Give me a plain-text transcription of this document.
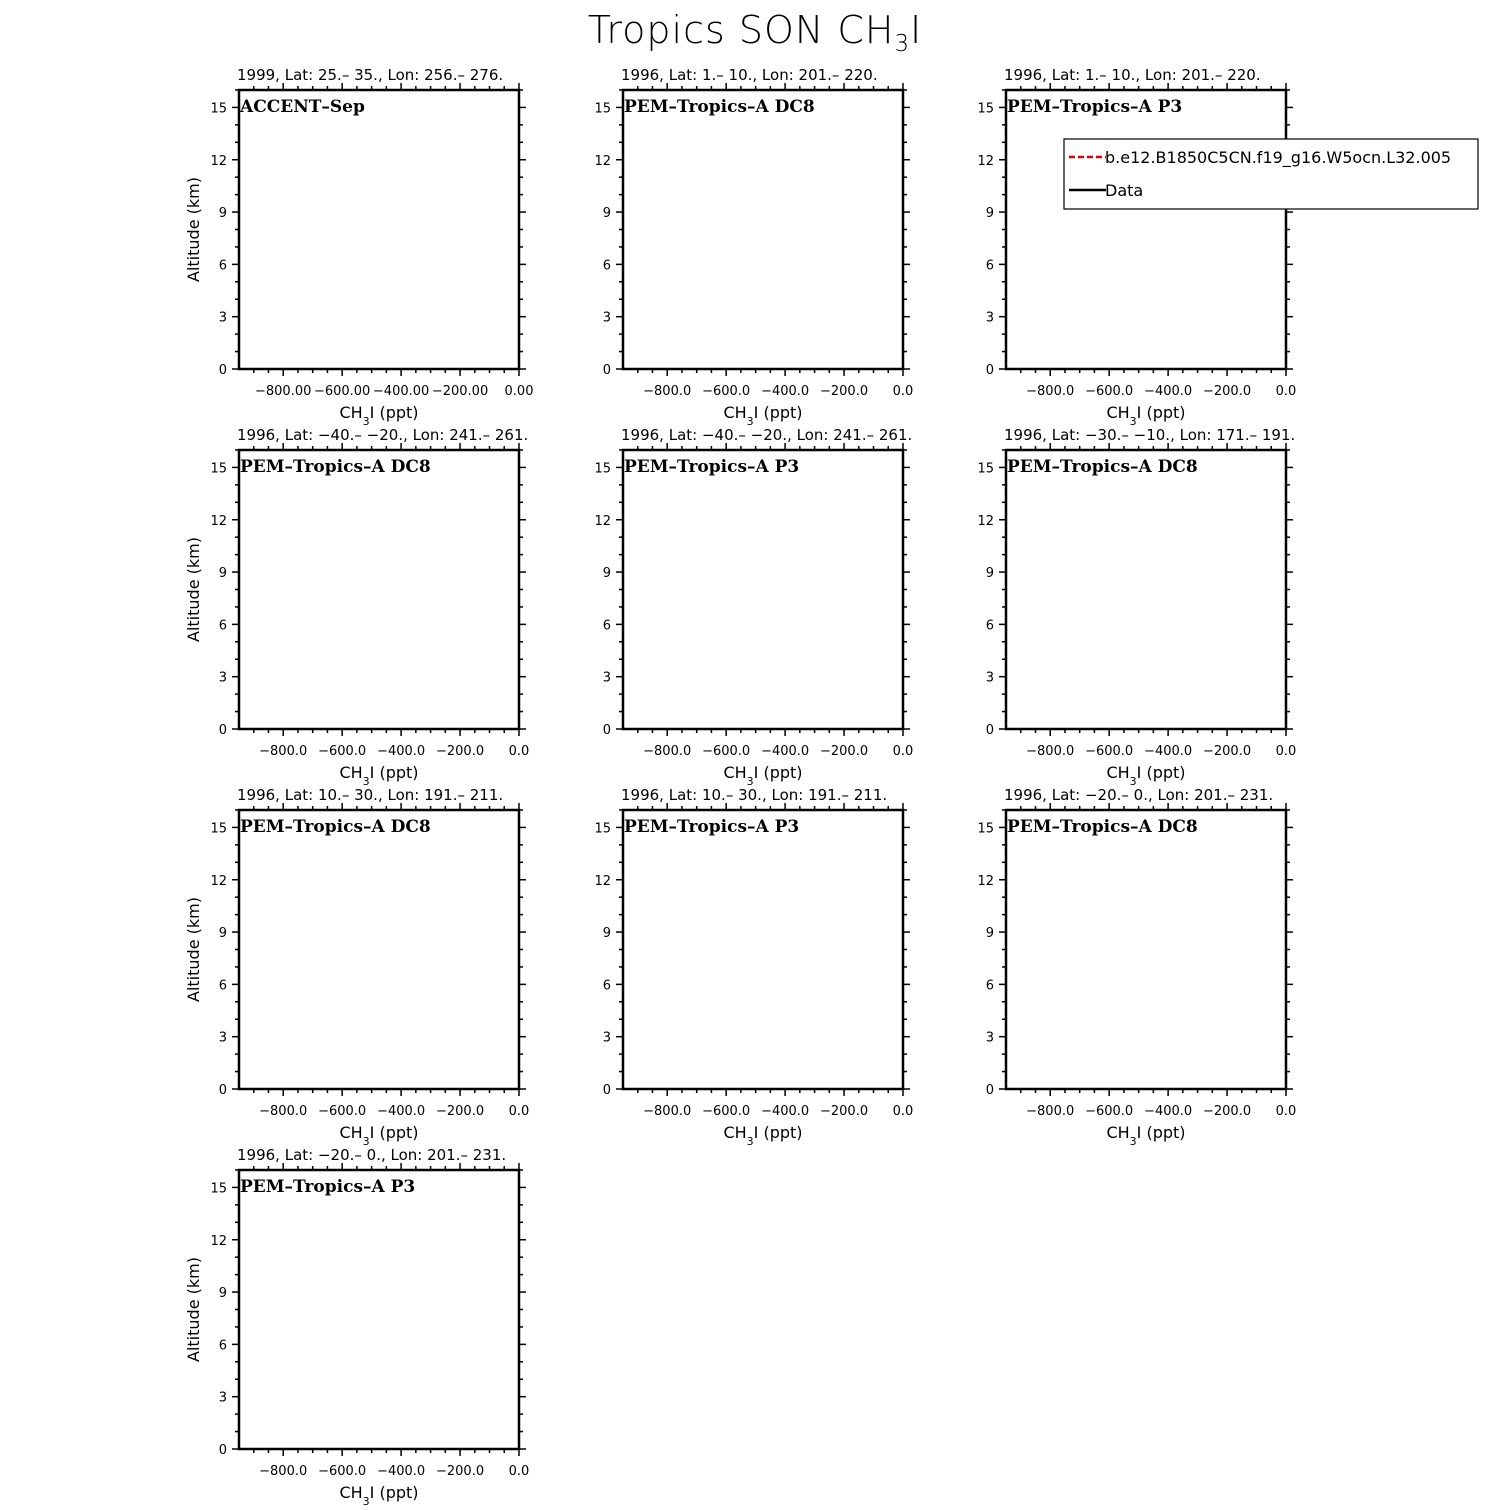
Tropics SON $CH_3I$
1999, Lat: 25.– 35., Lon: 256.– 276.
0
3
6
9
12
15
−800.00 −600.00 −400.00 −200.00 0.00
$CH_3I$ (ppt)
Altitude (km)
ACCENT–Sep
1996, Lat: 1.– 10., Lon: 201.– 220.
0
3
6
9
12
15
−800.0 −600.0 −400.0 −200.0 0.0
$CH_3I$ (ppt)
PEM–Tropics–A DC8
1996, Lat: 1.– 10., Lon: 201.– 220.
0
3
6
9
12
15
−800.0 −600.0 −400.0 −200.0 0.0
$CH_3I$ (ppt)
PEM–Tropics–A P3
b.e12.B1850C5CN.f19_g16.W5ocn.L32.005
Data
1996, Lat: −40.– −20., Lon: 241.– 261.
0
3
6
9
12
15
−800.0 −600.0 −400.0 −200.0 0.0
$CH_3I$ (ppt)
Altitude (km)
PEM–Tropics–A DC8
1996, Lat: −40.– −20., Lon: 241.– 261.
0
3
6
9
12
15
−800.0 −600.0 −400.0 −200.0 0.0
$CH_3I$ (ppt)
PEM–Tropics–A P3
1996, Lat: −30.– −10., Lon: 171.– 191.
0
3
6
9
12
15
−800.0 −600.0 −400.0 −200.0 0.0
$CH_3I$ (ppt)
PEM–Tropics–A DC8
1996, Lat: 10.– 30., Lon: 191.– 211.
0
3
6
9
12
15
−800.0 −600.0 −400.0 −200.0 0.0
$CH_3I$ (ppt)
Altitude (km)
PEM–Tropics–A DC8
1996, Lat: 10.– 30., Lon: 191.– 211.
0
3
6
9
12
15
−800.0 −600.0 −400.0 −200.0 0.0
$CH_3I$ (ppt)
PEM–Tropics–A P3
1996, Lat: −20.– 0., Lon: 201.– 231.
0
3
6
9
12
15
−800.0 −600.0 −400.0 −200.0 0.0
$CH_3I$ (ppt)
PEM–Tropics–A DC8
1996, Lat: −20.– 0., Lon: 201.– 231.
0
3
6
9
12
15
−800.0 −600.0 −400.0 −200.0 0.0
$CH_3I$ (ppt)
Altitude (km)
PEM–Tropics–A P3
